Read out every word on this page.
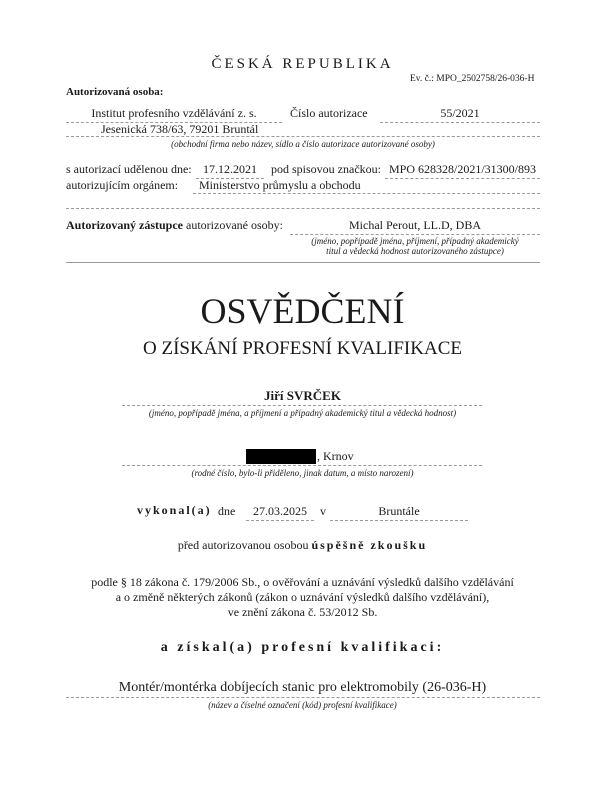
ČESKÁ REPUBLIKA
Ev. č.: MPO_2502758/26-036-H
Autorizovaná osoba:
Institut profesního vzdělávání z. s.	Číslo autorizace	55/2021
Jesenická 738/63, 79201 Bruntál
(obchodní firma nebo název, sídlo a číslo autorizace autorizované osoby)
s autorizací udělenou dne: 17.12.2021	pod spisovou značkou: MPO 628328/2021/31300/893
autorizujícím orgánem:	Ministerstvo průmyslu a obchodu
Autorizovaný zástupce autorizované osoby:	Michal Perout, LL.D, DBA
(jméno, popřípadě jména, příjmení, případný akademický
titul a vědecká hodnost autorizovaného zástupce)
OSVĚDČENÍ
O ZÍSKÁNÍ PROFESNÍ KVALIFIKACE
Jiří SVRČEK
(jméno, popřípadě jména, a příjmení a případný akademický titul a vědecká hodnost)
, Krnov
(rodné číslo, bylo-li přiděleno, jinak datum, a místo narození)
vykonal(a) dne	27.03.2025	v	Bruntále
před autorizovanou osobou úspěšně zkoušku
podle § 18 zákona č. 179/2006 Sb., o ověřování a uznávání výsledků dalšího vzdělávání
a o změně některých zákonů (zákon o uznávání výsledků dalšího vzdělávání),
ve znění zákona č. 53/2012 Sb.
a získal(a) profesní kvalifikaci:
Montér/montérka dobíjecích stanic pro elektromobily (26-036-H)
(název a číselné označení (kód) profesní kvalifikace)
